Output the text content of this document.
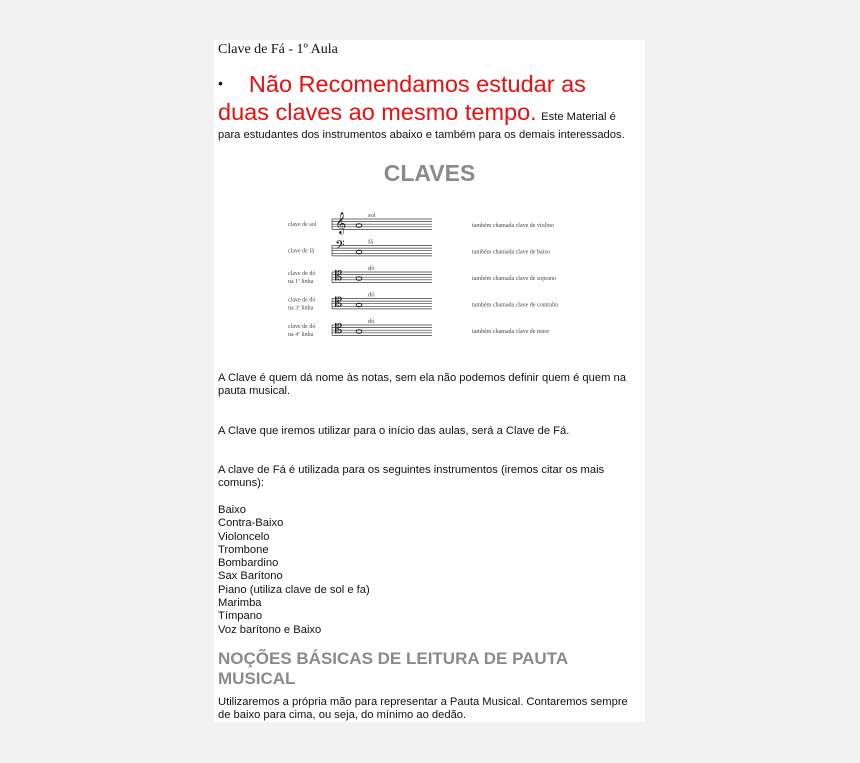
Clave de Fá - 1º Aula
• Não Recomendamos estudar as duas claves ao mesmo tempo. Este Material é para estudantes dos instrumentos abaixo e também para os demais interessados.
CLAVES
clave de sol
sol
𝄞	também chamada clave de violino
clave de fá
fá
𝄢	também chamada clave de baixo
clave de dó
na 1ª linha
dó
𝄡	também chamada clave de soprano
clave de dó
na 3ª linha
dó
𝄡	também chamada clave de contralto
clave de dó
na 4ª linha
dó
𝄡	também chamada clave de tenor

A Clave é quem dá nome às notas, sem ela não podemos definir quem é quem na pauta musical.

A Clave que iremos utilizar para o início das aulas, será a Clave de Fá.

A clave de Fá é utilizada para os seguintes instrumentos (iremos citar os mais comuns):

Baixo
Contra-Baixo
Violoncelo
Trombone
Bombardino
Sax Barítono
Piano (utiliza clave de sol e fa)
Marimba
Tímpano
Voz barítono e Baixo
NOÇÕES BÁSICAS DE LEITURA DE PAUTA MUSICAL

Utilizaremos a própria mão para representar a Pauta Musical. Contaremos sempre de baixo para cima, ou seja, do mínimo ao dedão.
